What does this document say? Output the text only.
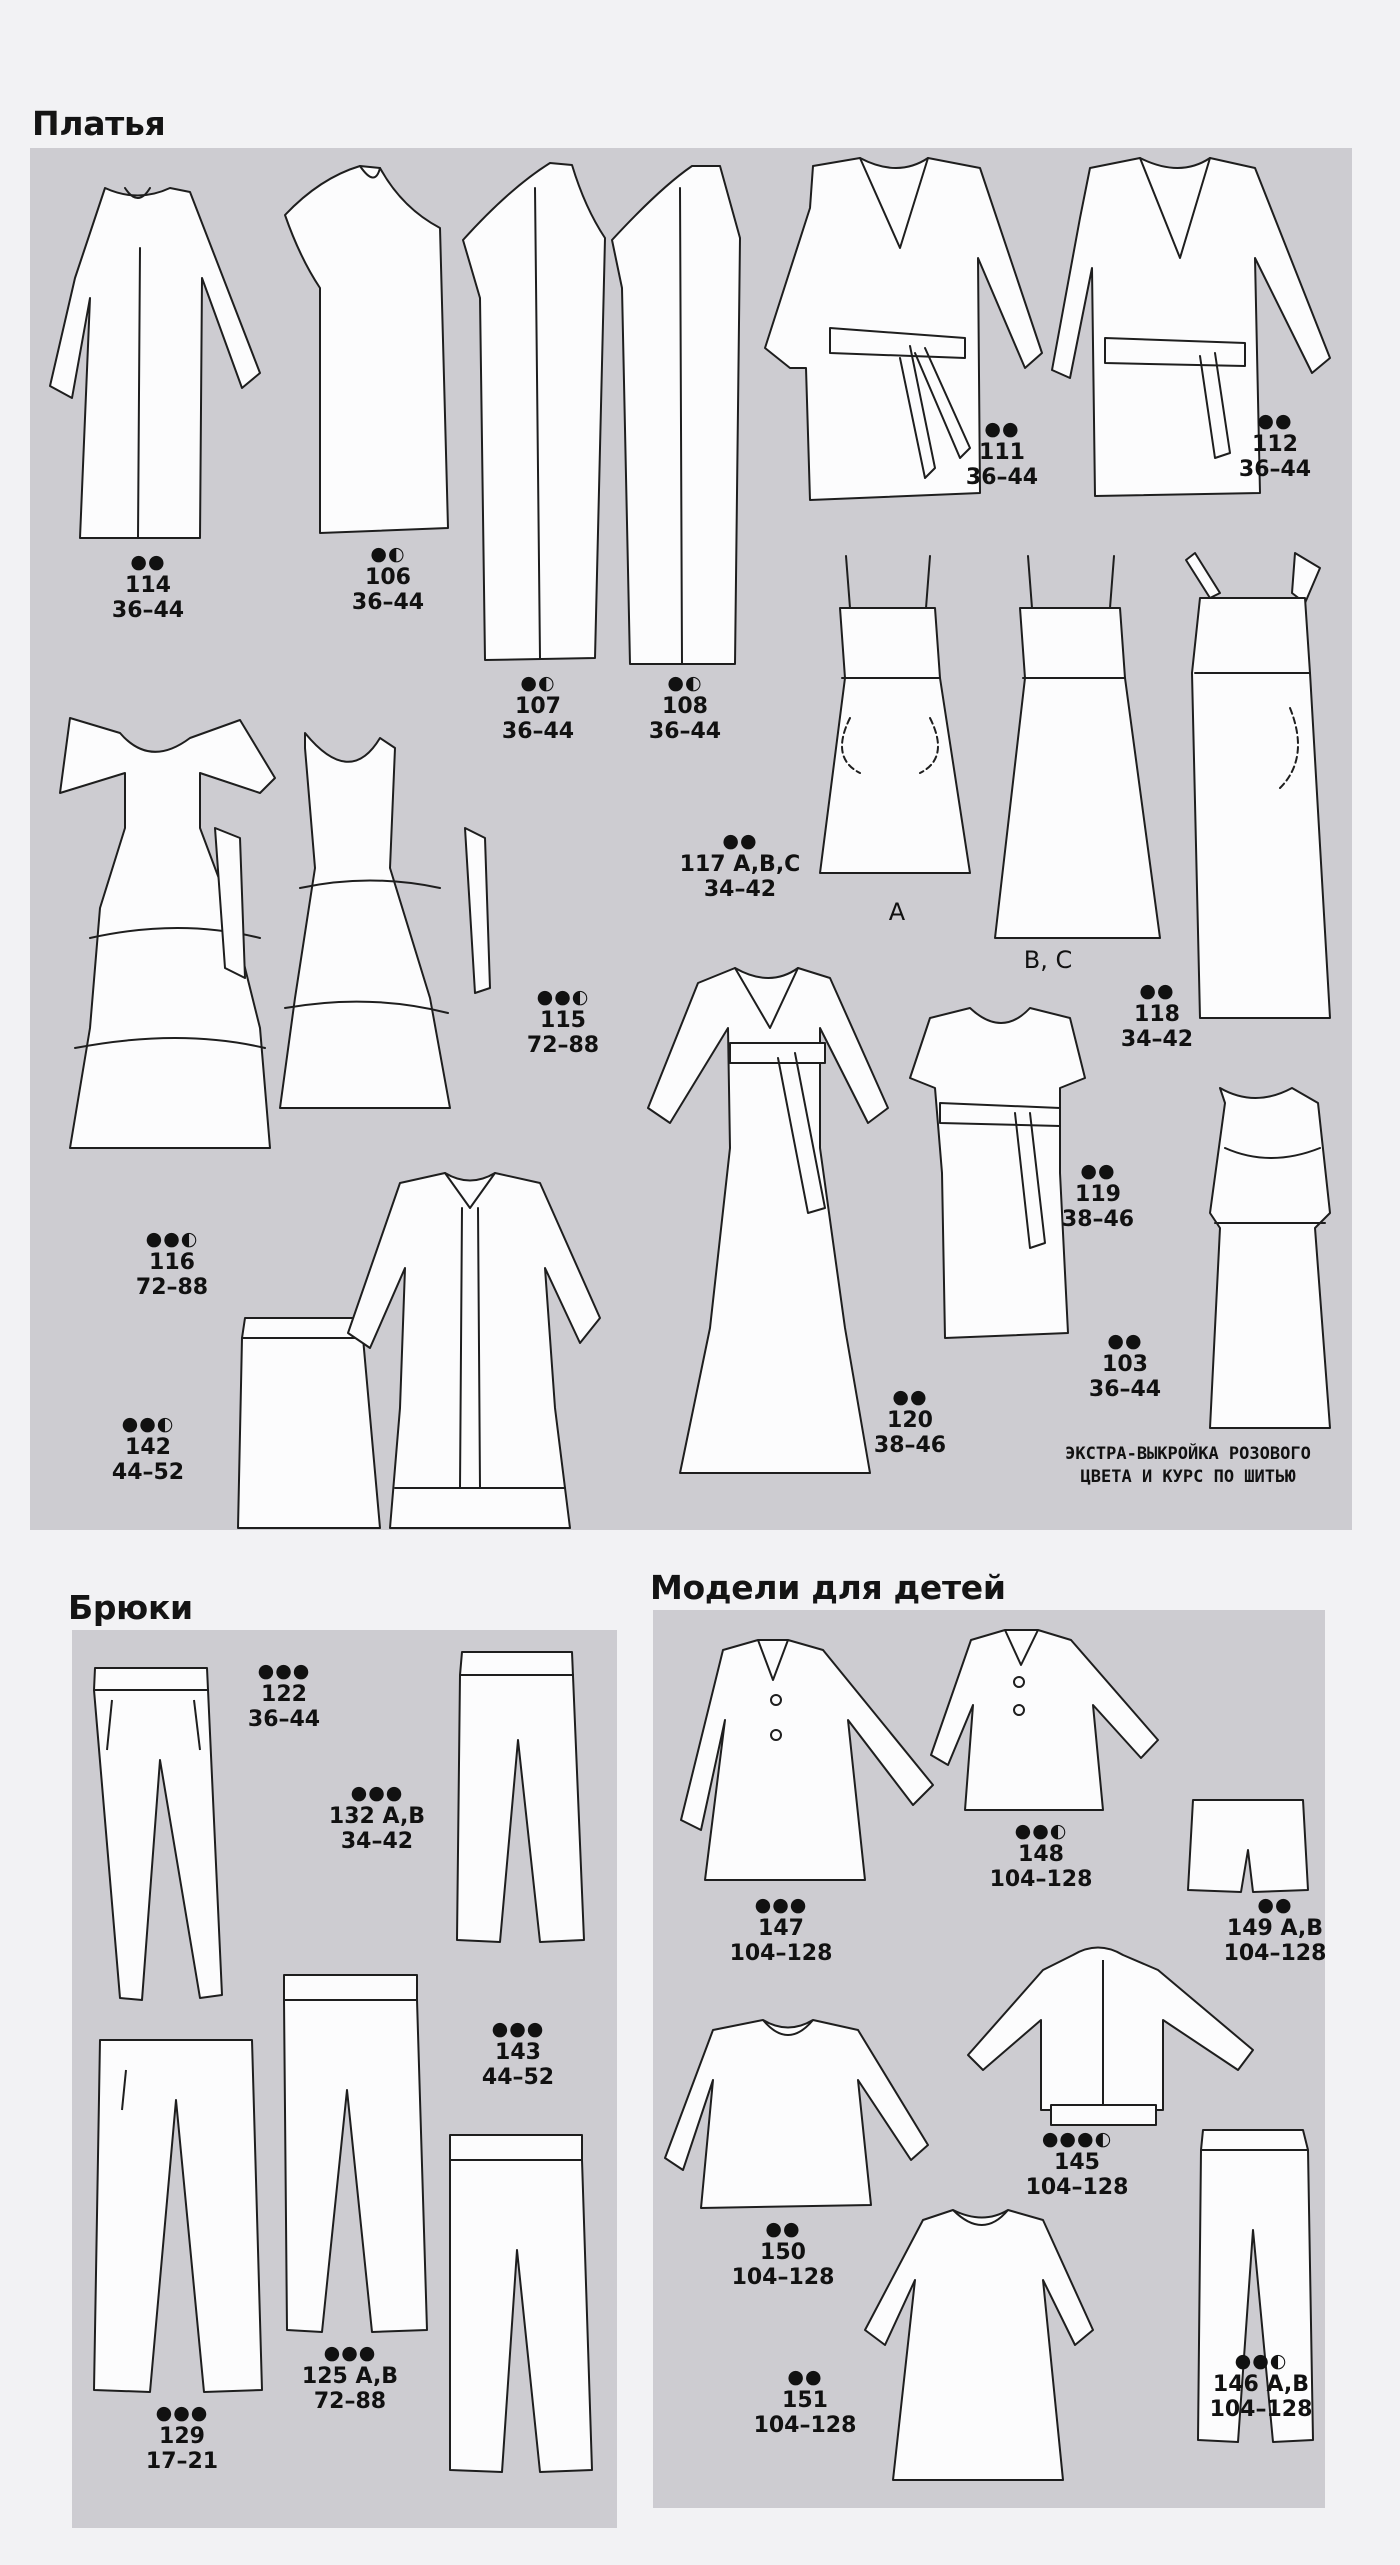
Платья
●●
114
36–44
●◐
106
36–44
●◐
107
36–44
●◐
108
36–44
●●
111
36–44
●●
112
36–44
●●
117 A,B,C
34–42
A
B, C
●●
118
34–42
●●◐
115
72–88
●●◐
116
72–88
●●
119
38–46
●●
103
36–44
●●◐
142
44–52
●●
120
38–46	ЭКСТРА-ВЫКРОЙКА РОЗОВОГО
ЦВЕТА И КУРС ПО ШИТЬЮ
Брюки
●●●
122
36–44
●●●
132 A,B
34–42
●●●
143
44–52
●●●
129
17–21
●●●
125 A,B
72–88
Модели для детей
●●●
147
104–128
●●◐
148
104–128
●●
149 A,B
104–128
●●●◐
145
104–128
●●
150
104–128
●●
151
104–128
●●◐
146 A,B
104–128
